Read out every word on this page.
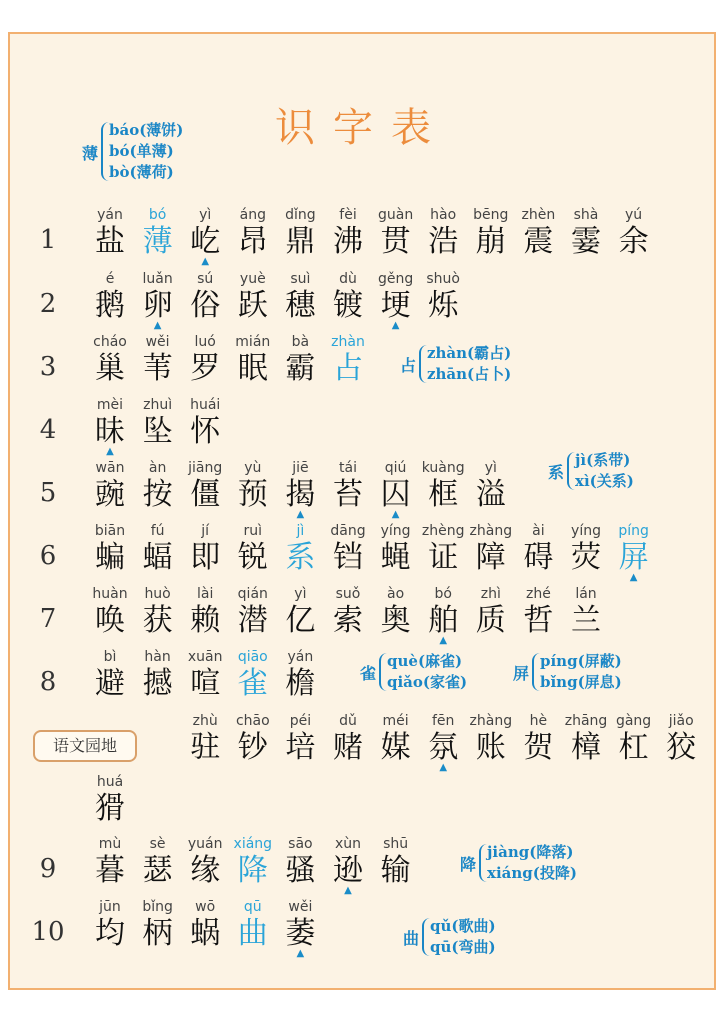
识字表
语文园地
1
yán
盐
bó
薄
yì
屹
▲
áng
昂
dǐng
鼎
fèi
沸
guàn
贯
hào
浩
bēng
崩
zhèn
震
shà
霎
yú
余
2
é
鹅
luǎn
卵
▲
sú
俗
yuè
跃
suì
穗
dù
镀
gěng
埂
▲
shuò
烁
3
cháo
巢
wěi
苇
luó
罗
mián
眠
bà
霸
zhàn
占
4
mèi
昧
▲
zhuì
坠
huái
怀
5
wān
豌
àn
按
jiāng
僵
yù
预
jiē
揭
▲
tái
苔
qiú
囚
▲
kuàng
框
yì
溢
6
biān
蝙
fú
蝠
jí
即
ruì
锐
jì
系
dāng
铛
yíng
蝇
zhèng
证
zhàng
障
ài
碍
yíng
荧
píng
屏
▲
7
huàn
唤
huò
获
lài
赖
qián
潜
yì
亿
suǒ
索
ào
奥
bó
舶
▲
zhì
质
zhé
哲
lán
兰
8
bì
避
hàn
撼
xuān
喧
qiāo
雀
yán
檐
zhù
驻
chāo
钞
péi
培
dǔ
赌
méi
媒
fēn
氛
▲
zhàng
账
hè
贺
zhāng
樟
gàng
杠
jiǎo
狡
huá
猾
9
mù
暮
sè
瑟
yuán
缘
xiáng
降
sāo
骚
xùn
逊
▲
shū
输
10
jūn
均
bǐng
柄
wō
蜗
qū
曲
wěi
萎
▲
薄
báo(薄饼)
bó(单薄)
bò(薄荷)
占
zhàn(霸占)
zhān(占卜)
系
jì(系带)
xì(关系)
雀
què(麻雀)
qiǎo(家雀)	屏
píng(屏蔽)
bǐng(屏息)
降
jiàng(降落)
xiáng(投降)
曲
qǔ(歌曲)
qū(弯曲)
